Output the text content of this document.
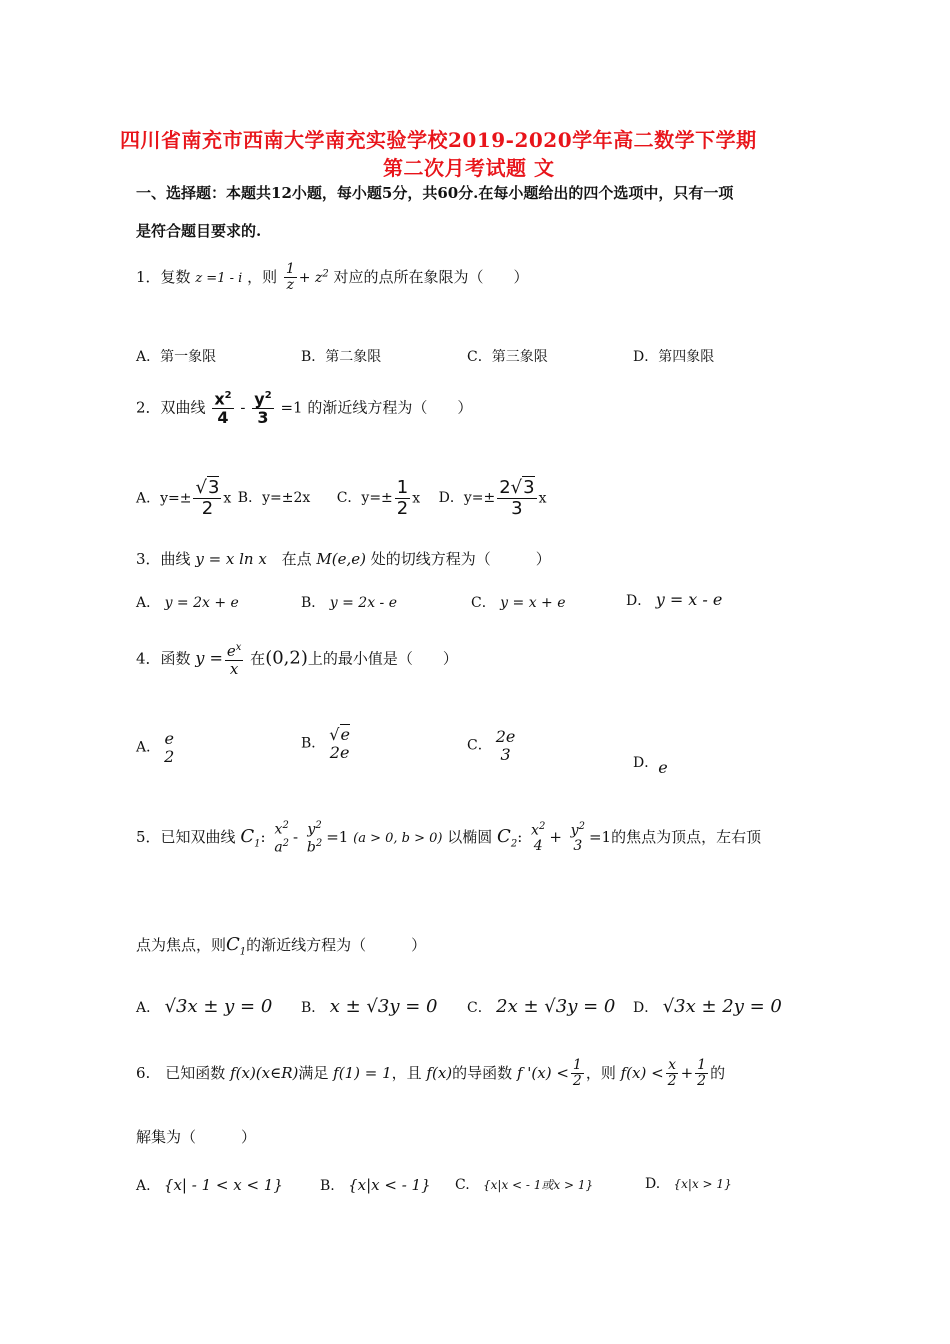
四川省南充市西南大学南充实验学校2019-2020学年高二数学下学期
第二次月考试题 文
一、选择题：本题共12小题，每小题5分，共60分.在每小题给出的四个选项中，只有一项
是符合题目要求的.
1．复数 z =1 - i ，则 $\frac{1}{z} + z^2$ 对应的点所在象限为（　　）
A．第一象限	B．第二象限	C．第三象限	D．第四象限
2．双曲线 $\frac{x^2}{4} - \frac{y^2}{3} =1$ 的渐近线方程为（　　）
A．$y=\pm \frac{√3}{2}$ x B．y=±2x C．$y=\pm \frac{1}{2}$ x D．$y=\pm \frac{2√3}{3}$ x
3．曲线 y = x ln x 在点 M(e,e) 处的切线方程为（　　　）
A． y = 2x + e	B． y = 2x - e	C． y = x + e	D． y = x - e
4．函数 $y = \frac{e^x}{x}$ 在(0,2)上的最小值是（　　）
A． e
2
B． √e
2e	C． 2e
3	D．e
5．已知双曲线 $C_1$: $x^2$
$a^2 - y^2$
$b^2 =1$ (a > 0, b > 0) 以椭圆 $C_2$: $x^2$
4
+ $y^2$
3
=1的焦点为顶点，左右顶
点为焦点，则$C_1$的渐近线方程为（　　　）
A． √3x ± y = 0 B． x ± √3y = 0 C． 2x ± √3y = 0 D． √3x ± 2y = 0
6.　已知函数 f(x)(x∈R)满足 f(1) = 1，且 f(x)的导函数 f '$(x) < \frac{1}{2}$ ，则 $f(x) < \frac{x}{2} + \frac{1}{2}$ 的
解集为（　　　）
A.   {x| - 1 < x < 1}	B.   {x|x < - 1} C.   {x|x < - 1或x > 1}	D.   {x|x > 1}
